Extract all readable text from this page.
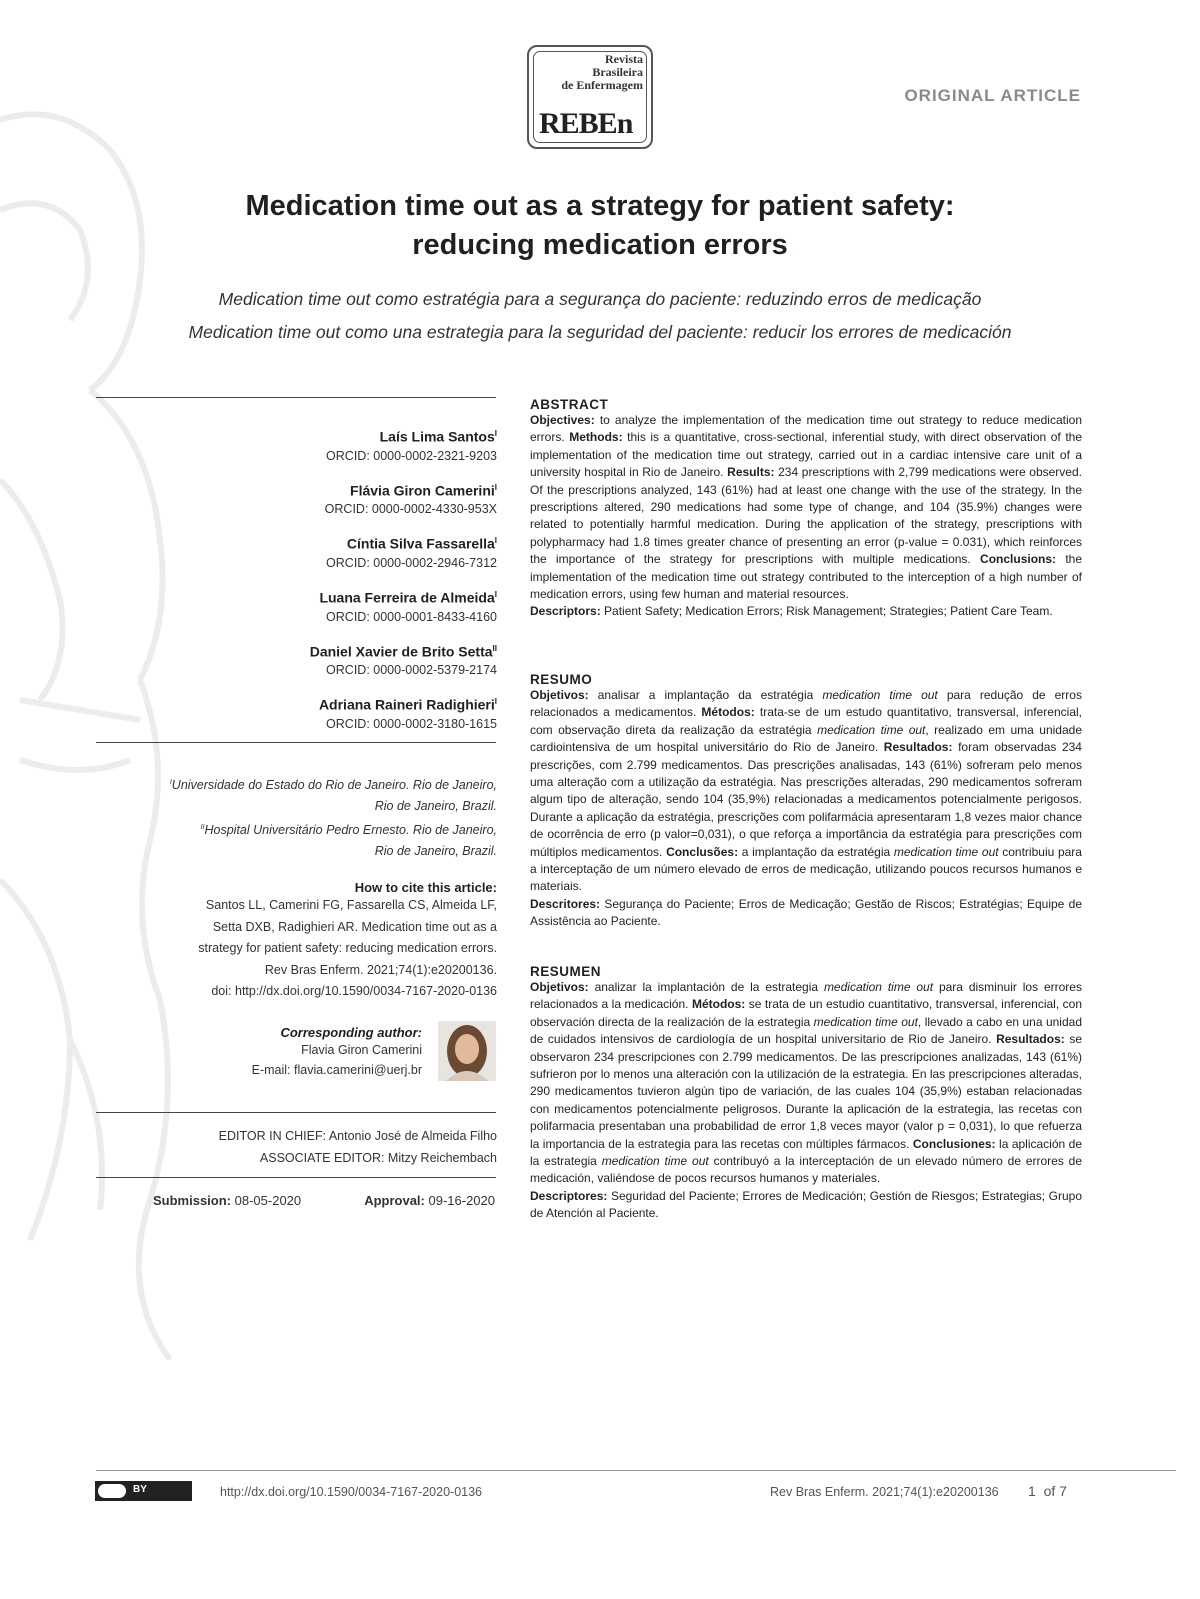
Revista
Brasileira
de Enfermagem
REBEn
ORIGINAL ARTICLE
Medication time out as a strategy for patient safety:
reducing medication errors
Medication time out como estratégia para a segurança do paciente: reduzindo erros de medicação
Medication time out como una estrategia para la seguridad del paciente: reducir los errores de medicación
Laís Lima Santos$^I$
ORCID: 0000-0002-2321-9203
Flávia Giron Camerini$^I$
ORCID: 0000-0002-4330-953X
Cíntia Silva Fassarella$^I$
ORCID: 0000-0002-2946-7312
Luana Ferreira de Almeida$^I$
ORCID: 0000-0001-8433-4160
Daniel Xavier de Brito Setta$^{II}$
ORCID: 0000-0002-5379-2174
Adriana Raineri Radighieri$^I$
ORCID: 0000-0002-3180-1615
$^I$Universidade do Estado do Rio de Janeiro. Rio de Janeiro,
Rio de Janeiro, Brazil.
$^{II}$Hospital Universitário Pedro Ernesto. Rio de Janeiro,
Rio de Janeiro, Brazil.
How to cite this article:
Santos LL, Camerini FG, Fassarella CS, Almeida LF,
Setta DXB, Radighieri AR. Medication time out as a
strategy for patient safety: reducing medication errors.
Rev Bras Enferm. 2021;74(1):e20200136.
doi: http://dx.doi.org/10.1590/0034-7167-2020-0136
Corresponding author:
Flavia Giron Camerini
E-mail: flavia.camerini@uerj.br
EDITOR IN CHIEF: Antonio José de Almeida Filho
ASSOCIATE EDITOR: Mitzy Reichembach
Submission: 08-05-2020	Approval: 09-16-2020
ABSTRACT
Objectives: to analyze the implementation of the medication time out strategy to reduce medication errors. Methods: this is a quantitative, cross-sectional, inferential study, with direct observation of the implementation of the medication time out strategy, carried out in a cardiac intensive care unit of a university hospital in Rio de Janeiro. Results: 234 prescriptions with 2,799 medications were observed. Of the prescriptions analyzed, 143 (61%) had at least one change with the use of the strategy. In the prescriptions altered, 290 medications had some type of change, and 104 (35.9%) changes were related to potentially harmful medication. During the application of the strategy, prescriptions with polypharmacy had 1.8 times greater chance of presenting an error (p-value = 0.031), which reinforces the importance of the strategy for prescriptions with multiple medications. Conclusions: the implementation of the medication time out strategy contributed to the interception of a high number of medication errors, using few human and material resources.
Descriptors: Patient Safety; Medication Errors; Risk Management; Strategies; Patient Care Team.
RESUMO
Objetivos: analisar a implantação da estratégia medication time out para redução de erros relacionados a medicamentos. Métodos: trata-se de um estudo quantitativo, transversal, inferencial, com observação direta da realização da estratégia medication time out, realizado em uma unidade cardiointensiva de um hospital universitário do Rio de Janeiro. Resultados: foram observadas 234 prescrições, com 2.799 medicamentos. Das prescrições analisadas, 143 (61%) sofreram pelo menos uma alteração com a utilização da estratégia. Nas prescrições alteradas, 290 medicamentos sofreram algum tipo de alteração, sendo 104 (35,9%) relacionadas a medicamentos potencialmente perigosos. Durante a aplicação da estratégia, prescrições com polifarmácia apresentaram 1,8 vezes maior chance de ocorrência de erro (p valor=0,031), o que reforça a importância da estratégia para prescrições com múltiplos medicamentos. Conclusões: a implantação da estratégia medication time out contribuiu para a interceptação de um número elevado de erros de medicação, utilizando poucos recursos humanos e materiais.
Descritores: Segurança do Paciente; Erros de Medicação; Gestão de Riscos; Estratégias; Equipe de Assistência ao Paciente.
RESUMEN
Objetivos: analizar la implantación de la estrategia medication time out para disminuir los errores relacionados a la medicación. Métodos: se trata de un estudio cuantitativo, transversal, inferencial, con observación directa de la realización de la estrategia medication time out, llevado a cabo en una unidad de cuidados intensivos de cardiología de un hospital universitario de Rio de Janeiro. Resultados: se observaron 234 prescripciones con 2.799 medicamentos. De las prescripciones analizadas, 143 (61%) sufrieron por lo menos una alteración con la utilización de la estrategia. En las prescripciones alteradas, 290 medicamentos tuvieron algún tipo de variación, de las cuales 104 (35,9%) estaban relacionadas con medicamentos potencialmente peligrosos. Durante la aplicación de la estrategia, las recetas con polifarmacia presentaban una probabilidad de error 1,8 veces mayor (valor p = 0,031), lo que refuerza la importancia de la estrategia para las recetas con múltiples fármacos. Conclusiones: la aplicación de la estrategia medication time out contribuyó a la interceptación de un elevado número de errores de medicación, valiéndose de pocos recursos humanos y materiales.
Descriptores: Seguridad del Paciente; Errores de Medicación; Gestión de Riesgos; Estrategias; Grupo de Atención al Paciente.
BY	http://dx.doi.org/10.1590/0034-7167-2020-0136	Rev Bras Enferm. 2021;74(1):e20200136 1 of 7
